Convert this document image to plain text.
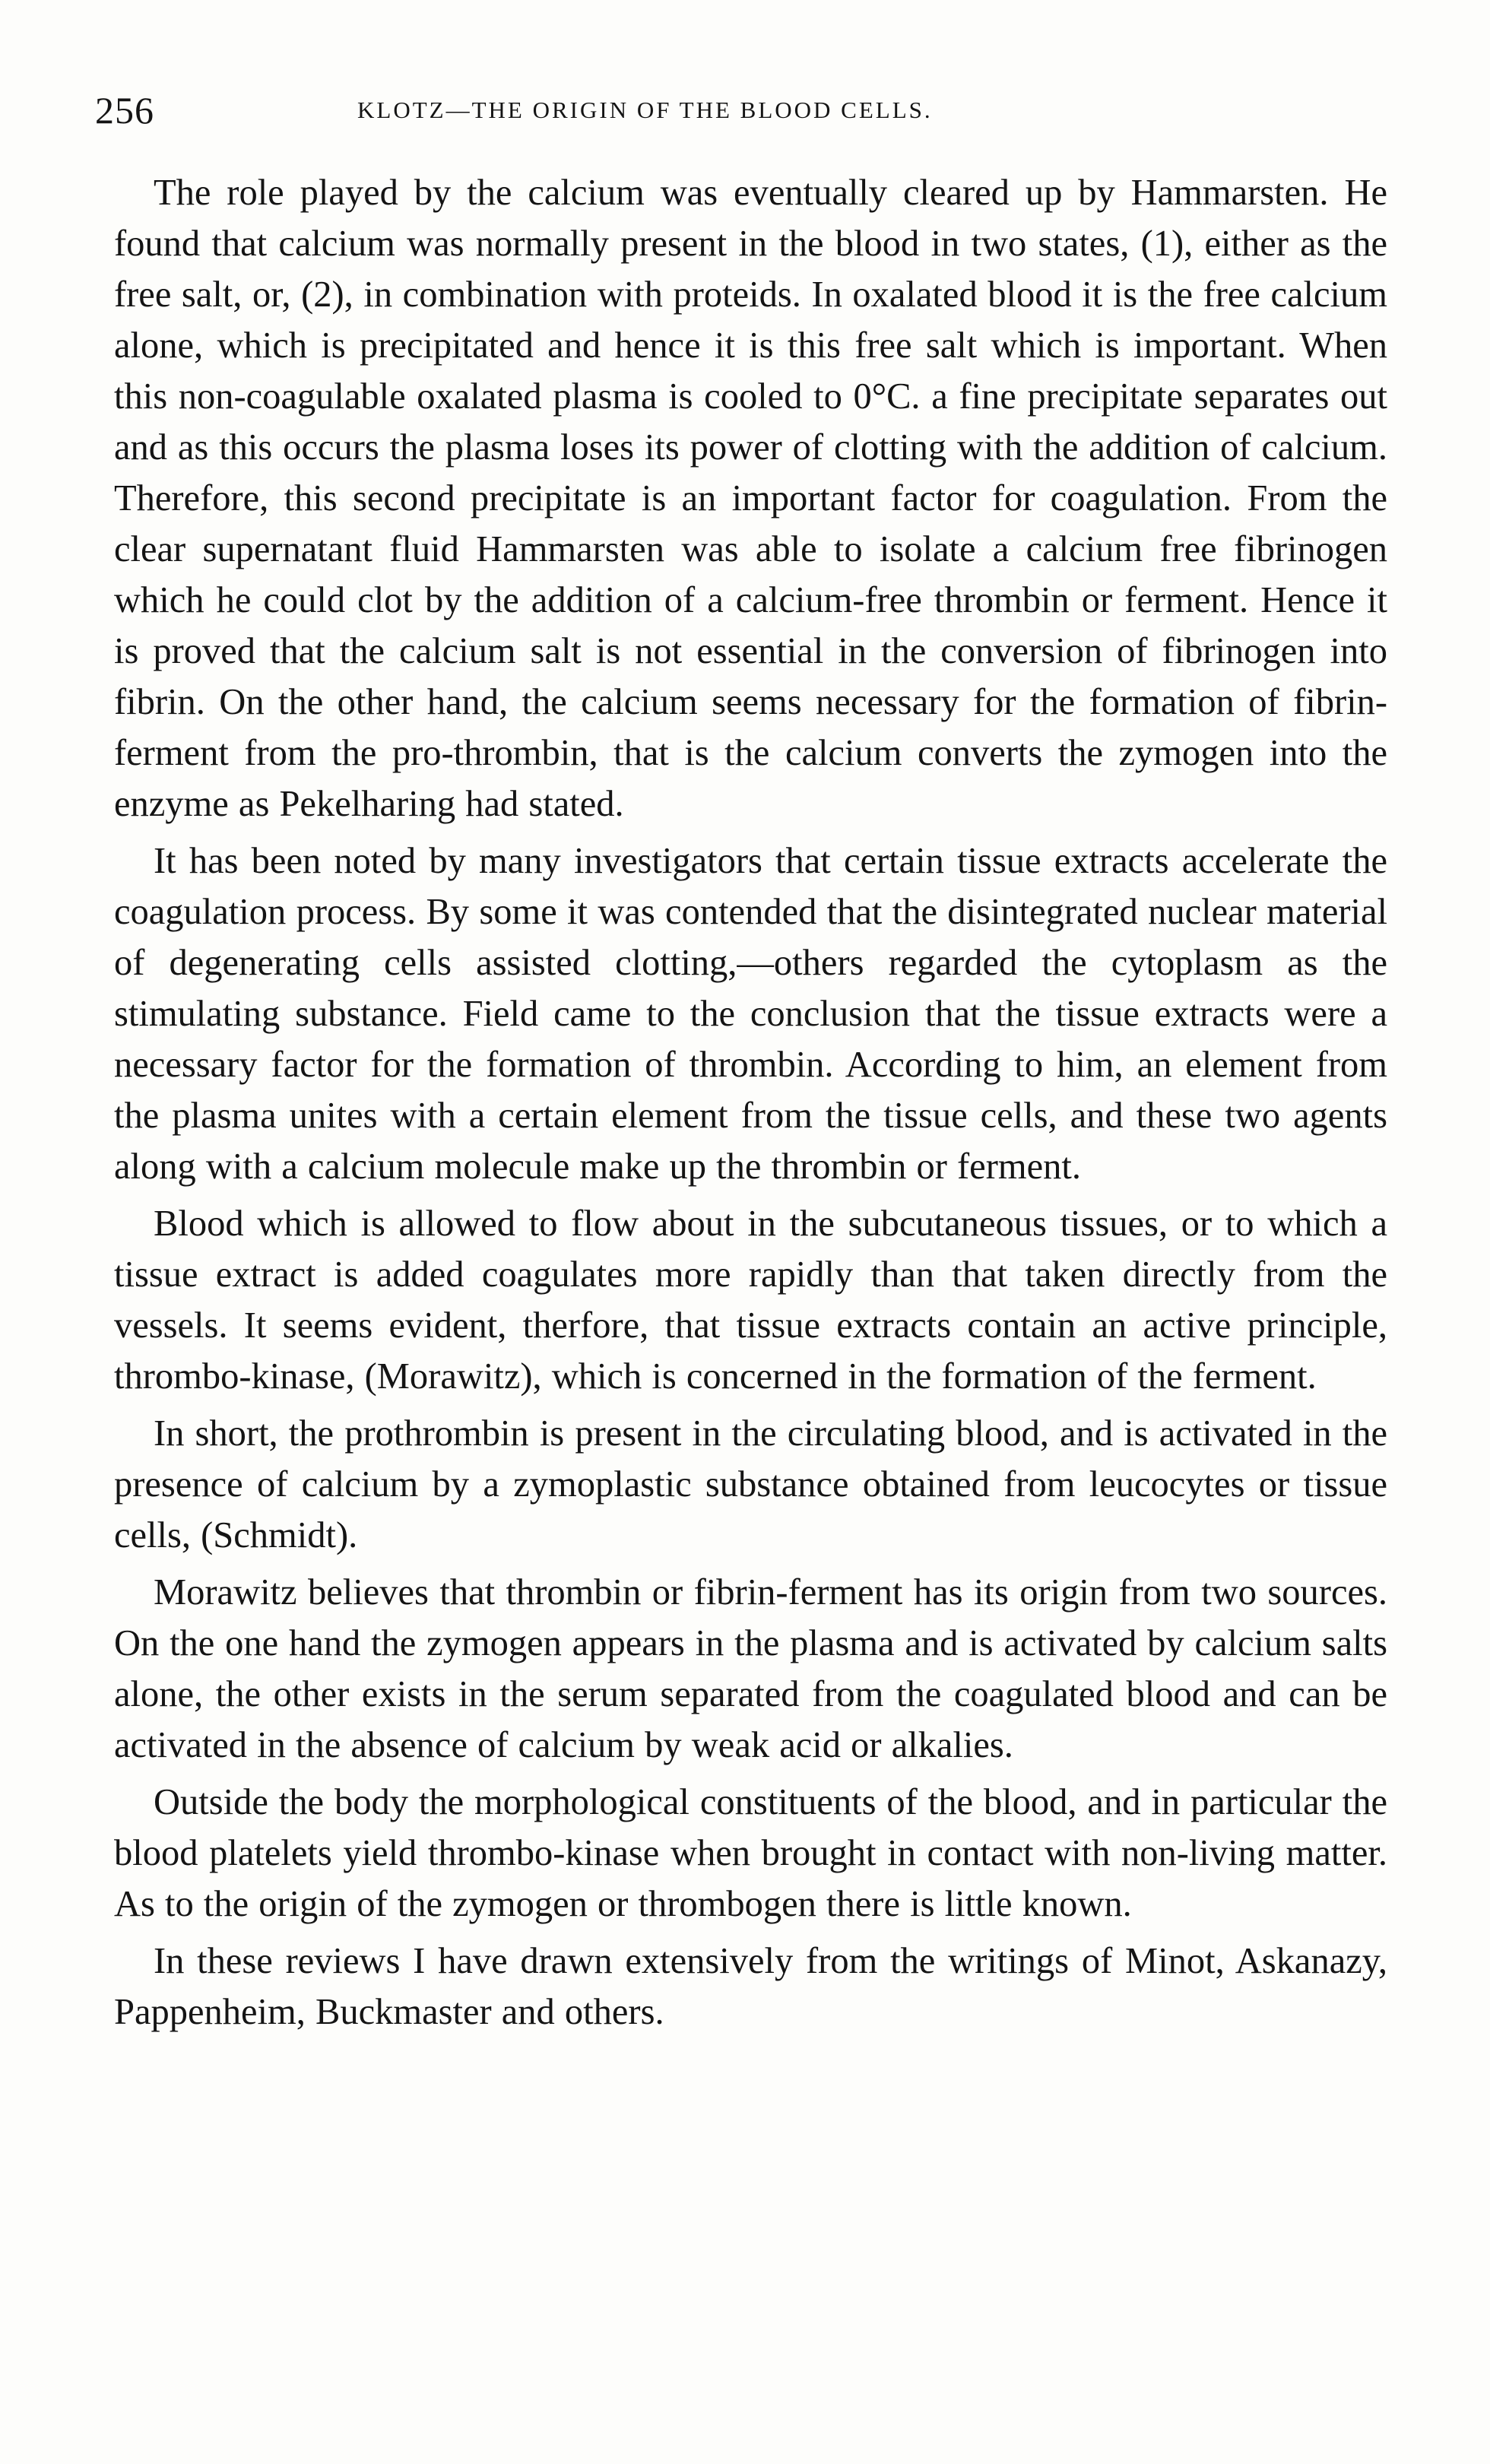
256	KLOTZ—THE ORIGIN OF THE BLOOD CELLS.

The role played by the calcium was eventually cleared up by Hammarsten. He found that calcium was normally present in the blood in two states, (1), either as the free salt, or, (2), in combination with proteids. In oxalated blood it is the free calcium alone, which is precipitated and hence it is this free salt which is important. When this non-coagulable oxalated plasma is cooled to 0°C. a fine precipitate separates out and as this occurs the plasma loses its power of clotting with the addition of calcium. Therefore, this second precipitate is an important factor for coagulation. From the clear supernatant fluid Hammarsten was able to isolate a calcium free fibrinogen which he could clot by the addition of a calcium-free thrombin or ferment. Hence it is proved that the calcium salt is not essential in the conversion of fibrinogen into fibrin. On the other hand, the calcium seems necessary for the formation of fibrin-ferment from the pro-thrombin, that is the calcium converts the zymogen into the enzyme as Pekelharing had stated.

It has been noted by many investigators that certain tissue extracts accelerate the coagulation process. By some it was contended that the disintegrated nuclear material of degenerating cells assisted clotting,—others regarded the cytoplasm as the stimulating substance. Field came to the conclusion that the tissue extracts were a necessary factor for the formation of thrombin. According to him, an element from the plasma unites with a certain element from the tissue cells, and these two agents along with a calcium molecule make up the thrombin or ferment.

Blood which is allowed to flow about in the subcutaneous tissues, or to which a tissue extract is added coagulates more rapidly than that taken directly from the vessels. It seems evident, therfore, that tissue extracts contain an active principle, thrombo-kinase, (Morawitz), which is concerned in the formation of the ferment.

In short, the prothrombin is present in the circulating blood, and is activated in the presence of calcium by a zymoplastic substance obtained from leucocytes or tissue cells, (Schmidt).

Morawitz believes that thrombin or fibrin-ferment has its origin from two sources. On the one hand the zymogen appears in the plasma and is activated by calcium salts alone, the other exists in the serum separated from the coagulated blood and can be activated in the absence of calcium by weak acid or alkalies.

Outside the body the morphological constituents of the blood, and in particular the blood platelets yield thrombo-kinase when brought in contact with non-living matter. As to the origin of the zymogen or thrombogen there is little known.

In these reviews I have drawn extensively from the writings of Minot, Askanazy, Pappenheim, Buckmaster and others.
